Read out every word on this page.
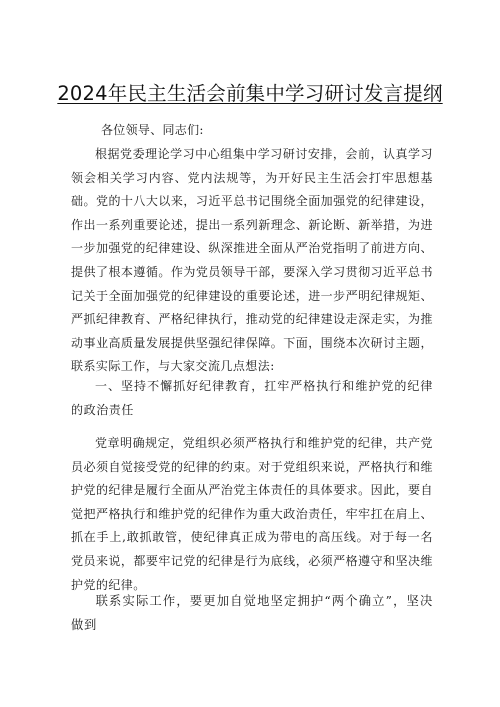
2024年民主生活会前集中学习研讨发言提纲
各位领导、同志们:

根据党委理论学习中心组集中学习研讨安排，会前，认真学习领会相关学习内容、党内法规等，为开好民主生活会打牢思想基础。党的十八大以来，习近平总书记围绕全面加强党的纪律建设，作出一系列重要论述，提出一系列新理念、新论断、新举措，为进一步加强党的纪律建设、纵深推进全面从严治党指明了前进方向、提供了根本遵循。作为党员领导干部，要深入学习贯彻习近平总书记关于全面加强党的纪律建设的重要论述，进一步严明纪律规矩、严抓纪律教育、严格纪律执行，推动党的纪律建设走深走实，为推动事业高质量发展提供坚强纪律保障。下面，围绕本次研讨主题，联系实际工作，与大家交流几点想法:

一、坚持不懈抓好纪律教育，扛牢严格执行和维护党的纪律的政治责任

党章明确规定，党组织必须严格执行和维护党的纪律，共产党员必须自觉接受党的纪律的约束。对于党组织来说，严格执行和维护党的纪律是履行全面从严治党主体责任的具体要求。因此，要自觉把严格执行和维护党的纪律作为重大政治责任，牢牢扛在肩上、抓在手上,敢抓敢管，使纪律真正成为带电的高压线。对于每一名党员来说，都要牢记党的纪律是行为底线，必须严格遵守和坚决维护党的纪律。

联系实际工作，要更加自觉地坚定拥护“两个确立”，坚决做到
